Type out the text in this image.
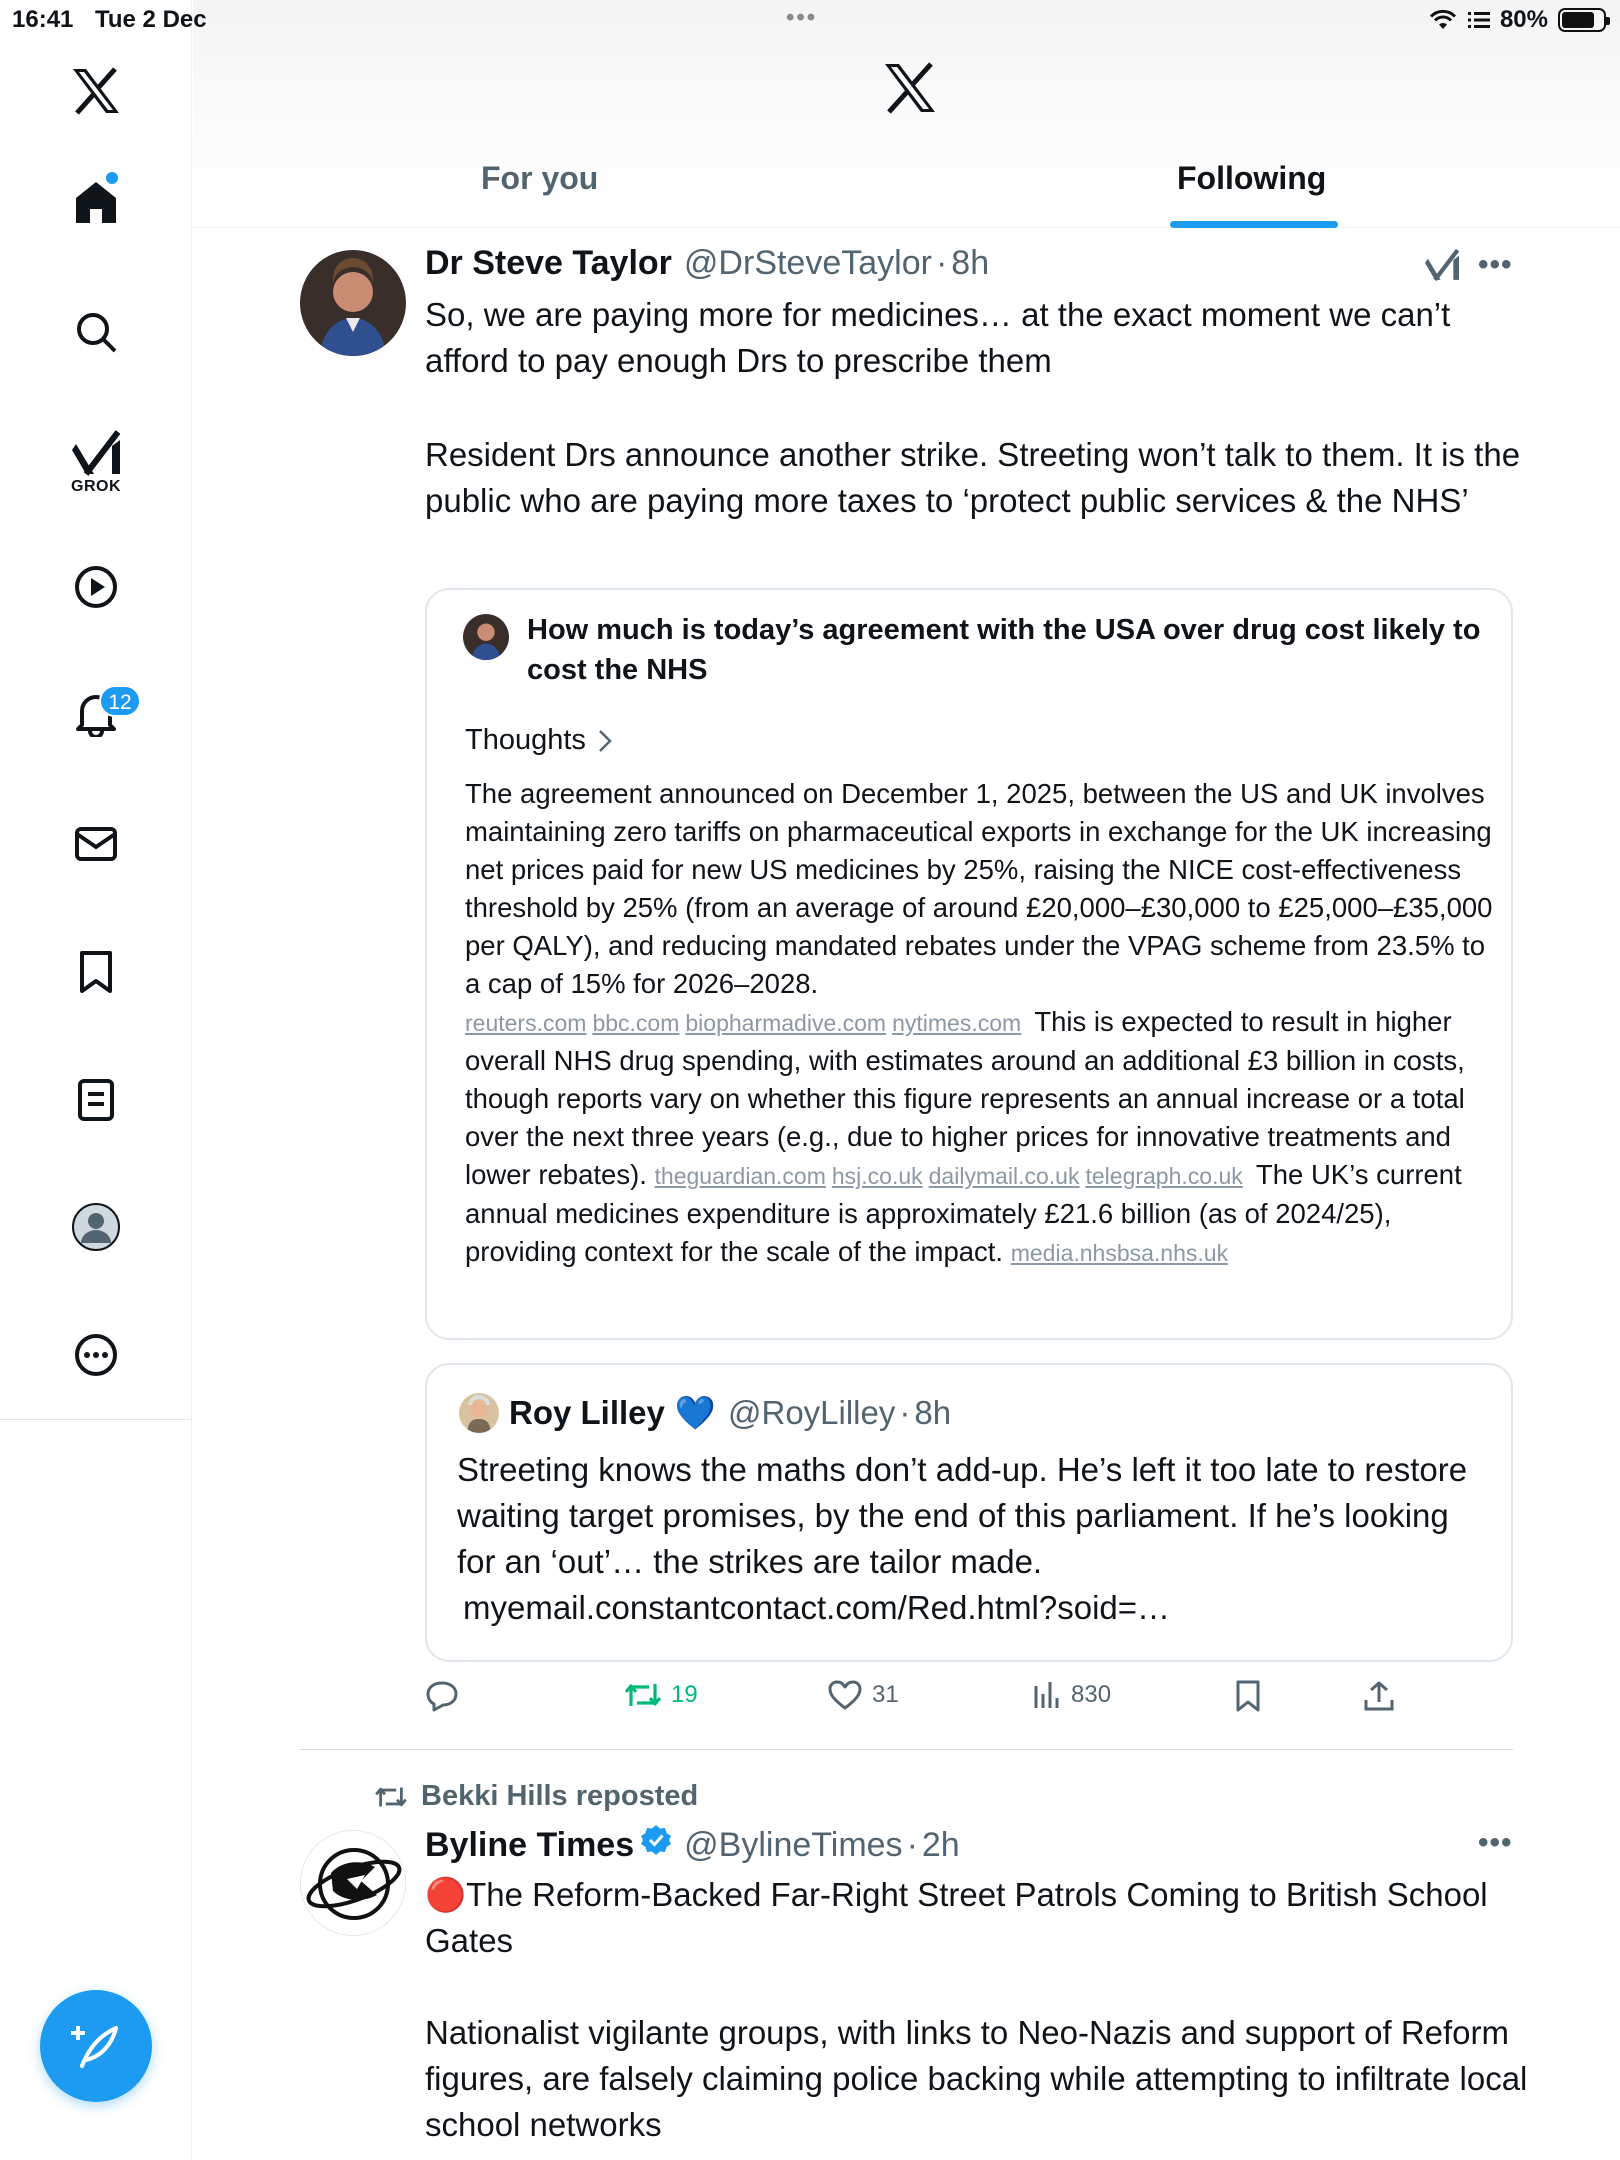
16:41 Tue 2 Dec	•••	80%
GROK
12
For you	Following
Dr Steve Taylor @DrSteveTaylor · 8h	•••

So, we are paying more for medicines… at the exact moment we can’t afford to pay enough Drs to prescribe them

Resident Drs announce another strike. Streeting won’t talk to them. It is the public who are paying more taxes to ‘protect public services & the NHS’

How much is today’s agreement with the USA over drug cost likely to cost the NHS

Thoughts
The agreement announced on December 1, 2025, between the US and UK involves maintaining zero tariffs on pharmaceutical exports in exchange for the UK increasing net prices paid for new US medicines by 25%, raising the NICE cost-effectiveness threshold by 25% (from an average of around £20,000–£30,000 to £25,000–£35,000 per QALY), and reducing mandated rebates under the VPAG scheme from 23.5% to a cap of 15% for 2026–2028.
reuters.com bbc.com biopharmadive.com nytimes.com This is expected to result in higher overall NHS drug spending, with estimates around an additional £3 billion in costs, though reports vary on whether this figure represents an annual increase or a total over the next three years (e.g., due to higher prices for innovative treatments and lower rebates). theguardian.com hsj.co.uk dailymail.co.uk telegraph.co.uk The UK’s current annual medicines expenditure is approximately £21.6 billion (as of 2024/25), providing context for the scale of the impact. media.nhsbsa.nhs.uk
Roy Lilley 💙 @RoyLilley · 8h

Streeting knows the maths don’t add-up. He’s left it too late to restore waiting target promises, by the end of this parliament. If he’s looking for an ‘out’… the strikes are tailor made.
myemail.constantcontact.com/Red.html?soid=…

19	31	830
Bekki Hills reposted
Byline Times @BylineTimes · 2h	•••

🔴The Reform-Backed Far-Right Street Patrols Coming to British School Gates

Nationalist vigilante groups, with links to Neo-Nazis and support of Reform figures, are falsely claiming police backing while attempting to infiltrate local school networks
